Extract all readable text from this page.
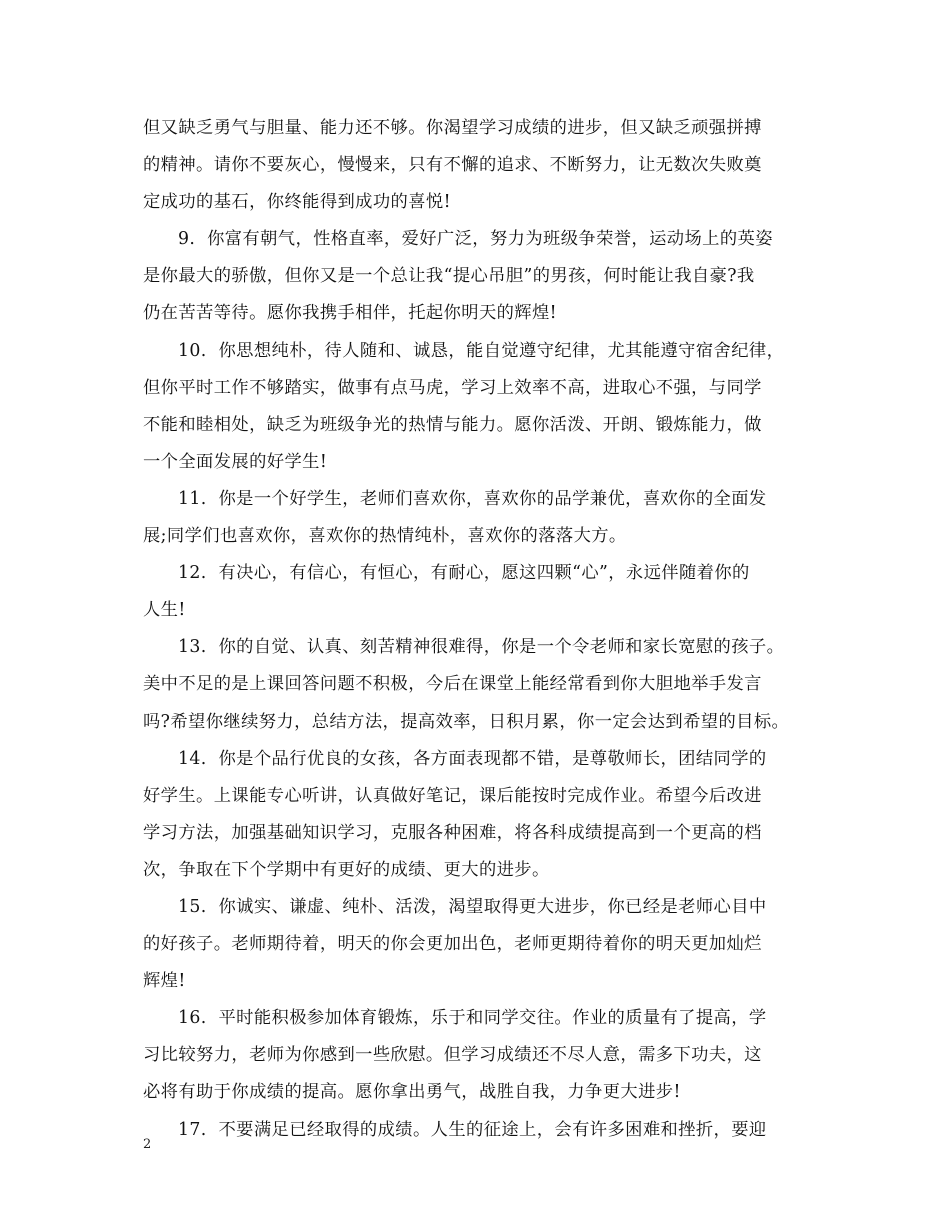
但又缺乏勇气与胆量、能力还不够。你渴望学习成绩的进步，但又缺乏顽强拼搏
的精神。请你不要灰心，慢慢来，只有不懈的追求、不断努力，让无数次失败奠
定成功的基石，你终能得到成功的喜悦!
9.  你富有朝气，性格直率，爱好广泛，努力为班级争荣誉，运动场上的英姿
是你最大的骄傲，但你又是一个总让我“提心吊胆”的男孩，何时能让我自豪?我
仍在苦苦等待。愿你我携手相伴，托起你明天的辉煌!
10.  你思想纯朴，待人随和、诚恳，能自觉遵守纪律，尤其能遵守宿舍纪律，
但你平时工作不够踏实，做事有点马虎，学习上效率不高，进取心不强，与同学
不能和睦相处，缺乏为班级争光的热情与能力。愿你活泼、开朗、锻炼能力，做
一个全面发展的好学生!
11.  你是一个好学生，老师们喜欢你，喜欢你的品学兼优，喜欢你的全面发
展;同学们也喜欢你，喜欢你的热情纯朴，喜欢你的落落大方。
12.  有决心，有信心，有恒心，有耐心，愿这四颗“心”，永远伴随着你的
人生!
13.  你的自觉、认真、刻苦精神很难得，你是一个令老师和家长宽慰的孩子。
美中不足的是上课回答问题不积极，今后在课堂上能经常看到你大胆地举手发言
吗?希望你继续努力，总结方法，提高效率，日积月累，你一定会达到希望的目标。
14.  你是个品行优良的女孩，各方面表现都不错，是尊敬师长，团结同学的
好学生。上课能专心听讲，认真做好笔记，课后能按时完成作业。希望今后改进
学习方法，加强基础知识学习，克服各种困难，将各科成绩提高到一个更高的档
次，争取在下个学期中有更好的成绩、更大的进步。
15.  你诚实、谦虚、纯朴、活泼，渴望取得更大进步，你已经是老师心目中
的好孩子。老师期待着，明天的你会更加出色，老师更期待着你的明天更加灿烂
辉煌!
16.  平时能积极参加体育锻炼，乐于和同学交往。作业的质量有了提高，学
习比较努力，老师为你感到一些欣慰。但学习成绩还不尽人意，需多下功夫，这
必将有助于你成绩的提高。愿你拿出勇气，战胜自我，力争更大进步!
17.  不要满足已经取得的成绩。人生的征途上，会有许多困难和挫折，要迎
2
